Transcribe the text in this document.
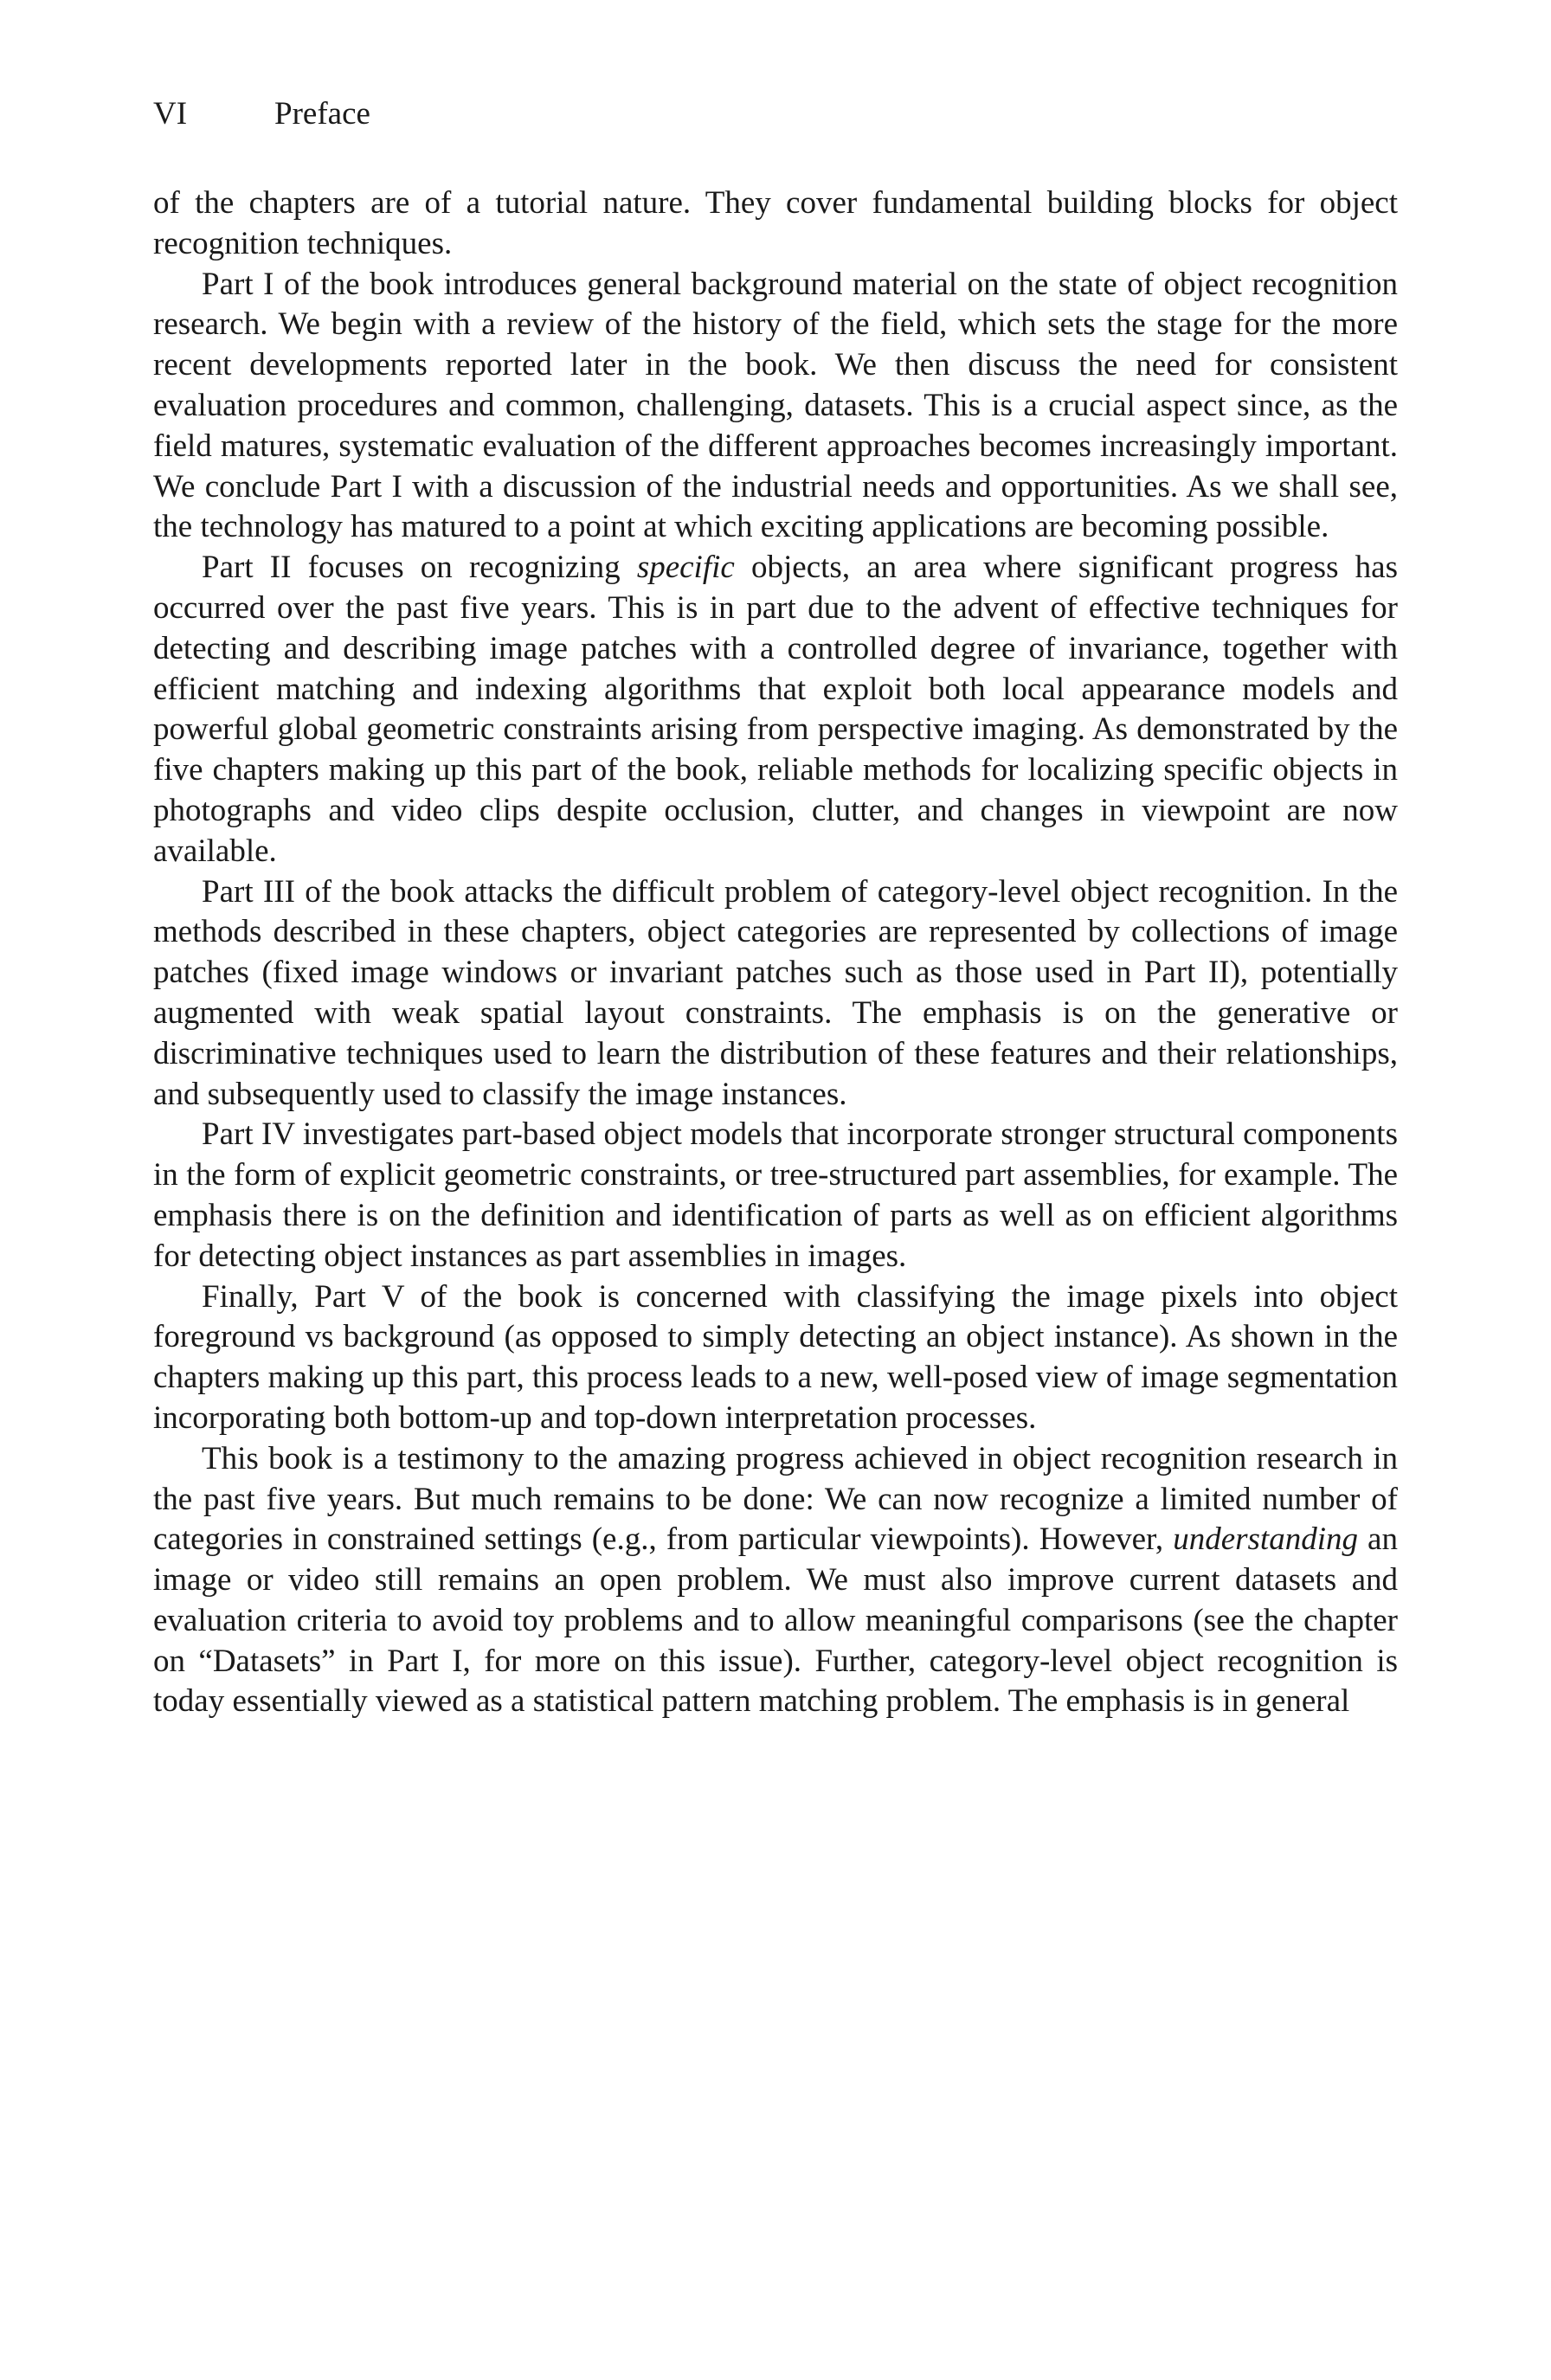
VI	Preface

of the chapters are of a tutorial nature. They cover fundamental building blocks for object recognition techniques.

Part I of the book introduces general background material on the state of object recognition research. We begin with a review of the history of the field, which sets the stage for the more recent developments reported later in the book. We then discuss the need for consistent evaluation procedures and common, challenging, datasets. This is a crucial aspect since, as the field matures, systematic evaluation of the different approaches becomes increasingly important. We conclude Part I with a discussion of the industrial needs and opportunities. As we shall see, the technology has matured to a point at which exciting applications are becoming possible.

Part II focuses on recognizing specific objects, an area where significant progress has occurred over the past five years. This is in part due to the advent of effective techniques for detecting and describing image patches with a controlled degree of invariance, together with efficient matching and indexing algorithms that exploit both local appearance models and powerful global geometric constraints arising from perspective imaging. As demonstrated by the five chapters making up this part of the book, reliable methods for localizing specific objects in photographs and video clips despite occlusion, clutter, and changes in viewpoint are now available.

Part III of the book attacks the difficult problem of category-level object recognition. In the methods described in these chapters, object categories are represented by collections of image patches (fixed image windows or invariant patches such as those used in Part II), potentially augmented with weak spatial layout constraints. The emphasis is on the generative or discriminative techniques used to learn the distribution of these features and their relationships, and subsequently used to classify the image instances.

Part IV investigates part-based object models that incorporate stronger structural components in the form of explicit geometric constraints, or tree-structured part assemblies, for example. The emphasis there is on the definition and identification of parts as well as on efficient algorithms for detecting object instances as part assemblies in images.

Finally, Part V of the book is concerned with classifying the image pixels into object foreground vs background (as opposed to simply detecting an object instance). As shown in the chapters making up this part, this process leads to a new, well-posed view of image segmentation incorporating both bottom-up and top-down interpretation processes.

This book is a testimony to the amazing progress achieved in object recognition research in the past five years. But much remains to be done: We can now recognize a limited number of categories in constrained settings (e.g., from particular viewpoints). However, understanding an image or video still remains an open problem. We must also improve current datasets and evaluation criteria to avoid toy problems and to allow meaningful comparisons (see the chapter on “Datasets” in Part I, for more on this issue). Further, category-level object recognition is today essentially viewed as a statistical pattern matching problem. The emphasis is in general
